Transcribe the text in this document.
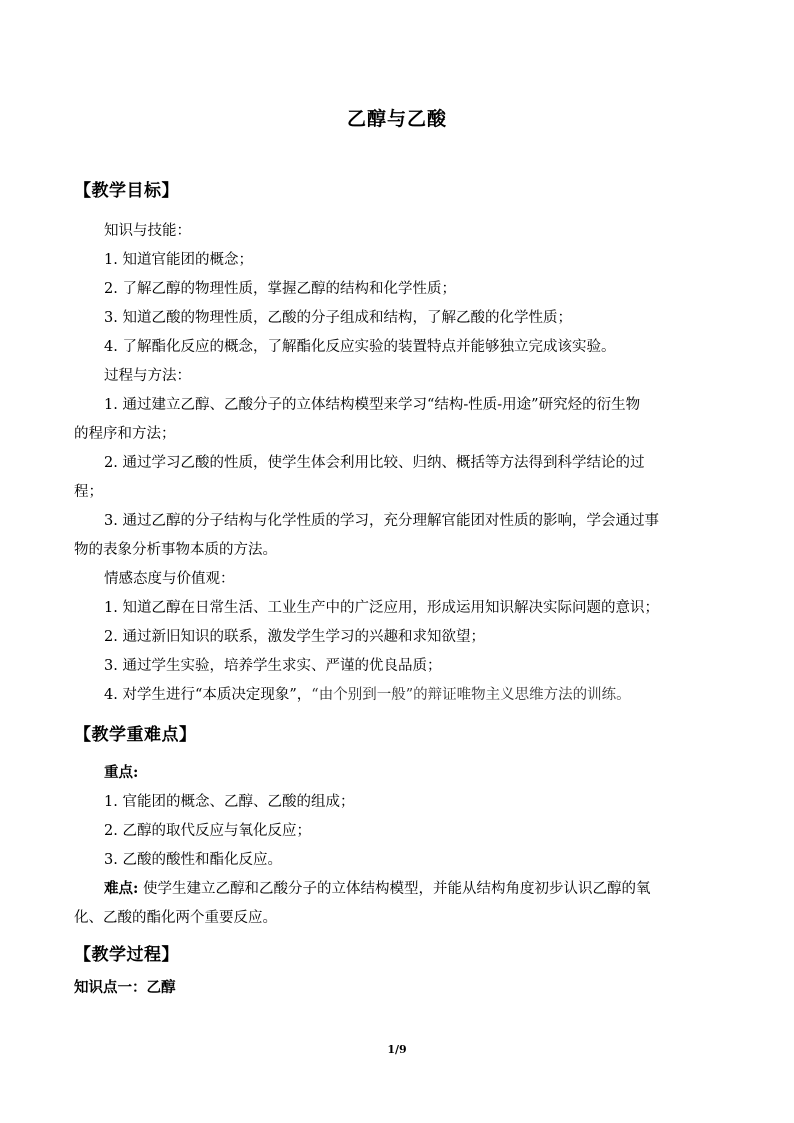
乙醇与乙酸
【教学目标】
知识与技能：
1. 知道官能团的概念；
2. 了解乙醇的物理性质，掌握乙醇的结构和化学性质；
3. 知道乙酸的物理性质，乙酸的分子组成和结构，了解乙酸的化学性质；
4. 了解酯化反应的概念，了解酯化反应实验的装置特点并能够独立完成该实验。
过程与方法：
1. 通过建立乙醇、乙酸分子的立体结构模型来学习“结构-性质-用途”研究烃的衍生物
的程序和方法；
2. 通过学习乙酸的性质，使学生体会利用比较、归纳、概括等方法得到科学结论的过
程；
3. 通过乙醇的分子结构与化学性质的学习，充分理解官能团对性质的影响，学会通过事
物的表象分析事物本质的方法。
情感态度与价值观：
1. 知道乙醇在日常生活、工业生产中的广泛应用，形成运用知识解决实际问题的意识；
2. 通过新旧知识的联系，激发学生学习的兴趣和求知欲望；
3. 通过学生实验，培养学生求实、严谨的优良品质；
4. 对学生进行“本质决定现象”，“由个别到一般”的辩证唯物主义思维方法的训练。
【教学重难点】
重点:
1. 官能团的概念、乙醇、乙酸的组成；
2. 乙醇的取代反应与氧化反应；
3. 乙酸的酸性和酯化反应。
难点: 使学生建立乙醇和乙酸分子的立体结构模型，并能从结构角度初步认识乙醇的氧
化、乙酸的酯化两个重要反应。
【教学过程】
知识点一：乙醇
1/9
